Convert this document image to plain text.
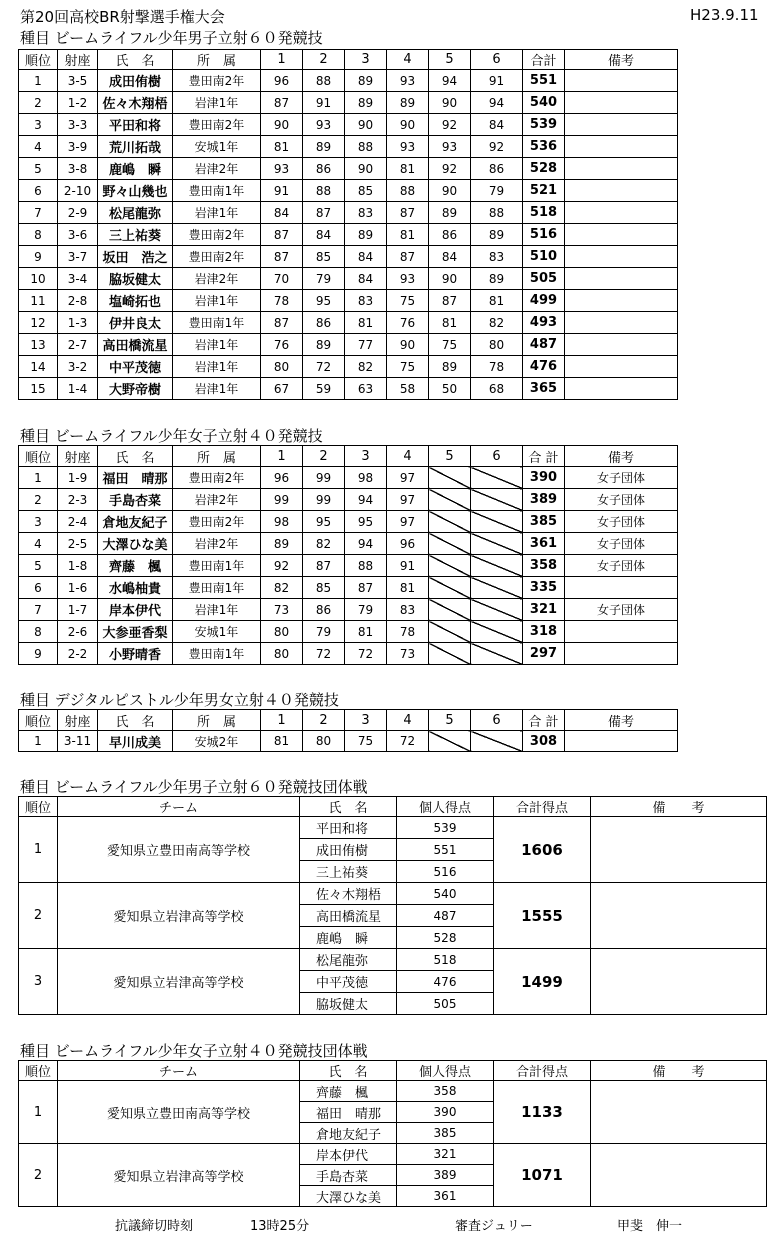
第20回高校BR射撃選手権大会	H23.9.11
種目 ビームライフル少年男子立射６０発競技
順位	射座	氏　名	所　属	1	2	3	4	5	6	合計	備考
1	3-5	成田侑樹	豊田南2年	96	88	89	93	94	91	551	
2	1-2	佐々木翔梧	岩津1年	87	91	89	89	90	94	540	
3	3-3	平田和将	豊田南2年	90	93	90	90	92	84	539	
4	3-9	荒川拓哉	安城1年	81	89	88	93	93	92	536	
5	3-8	鹿嶋　瞬	岩津2年	93	86	90	81	92	86	528	
6	2-10	野々山幾也	豊田南1年	91	88	85	88	90	79	521	
7	2-9	松尾龍弥	岩津1年	84	87	83	87	89	88	518	
8	3-6	三上祐葵	豊田南2年	87	84	89	81	86	89	516	
9	3-7	坂田　浩之	豊田南2年	87	85	84	87	84	83	510	
10	3-4	脇坂健太	岩津2年	70	79	84	93	90	89	505	
11	2-8	塩崎拓也	岩津1年	78	95	83	75	87	81	499	
12	1-3	伊井良太	豊田南1年	87	86	81	76	81	82	493	
13	2-7	高田橋流星	岩津1年	76	89	77	90	75	80	487	
14	3-2	中平茂徳	岩津1年	80	72	82	75	89	78	476	
15	1-4	大野帝樹	岩津1年	67	59	63	58	50	68	365	
種目 ビームライフル少年女子立射４０発競技
順位	射座	氏　名	所　属	1	2	3	4	5	6	合 計	備考
1	1-9	福田　晴那	豊田南2年	96	99	98	97			390	女子団体
2	2-3	手島杏菜	岩津2年	99	99	94	97			389	女子団体
3	2-4	倉地友紀子	豊田南2年	98	95	95	97			385	女子団体
4	2-5	大澤ひな美	岩津2年	89	82	94	96			361	女子団体
5	1-8	齊藤　楓	豊田南1年	92	87	88	91			358	女子団体
6	1-6	水嶋柚貴	豊田南1年	82	85	87	81			335	
7	1-7	岸本伊代	岩津1年	73	86	79	83			321	女子団体
8	2-6	大参亜香梨	安城1年	80	79	81	78			318	
9	2-2	小野晴香	豊田南1年	80	72	72	73			297	
種目 デジタルピストル少年男女立射４０発競技
順位	射座	氏　名	所　属	1	2	3	4	5	6	合 計	備考
1	3-11	早川成美	安城2年	81	80	75	72			308	
種目 ビームライフル少年男子立射６０発競技団体戦
順位	チーム	氏　名	個人得点	合計得点	備　　考
1	愛知県立豊田南高等学校	平田和将	539	1606	
		成田侑樹	551		
		三上祐葵	516		
2	愛知県立岩津高等学校	佐々木翔梧	540	1555	
		高田橋流星	487		
		鹿嶋　瞬	528		
3	愛知県立岩津高等学校	松尾龍弥	518	1499	
		中平茂徳	476		
		脇坂健太	505		
種目 ビームライフル少年女子立射４０発競技団体戦
順位	チーム	氏　名	個人得点	合計得点	備　　考
1	愛知県立豊田南高等学校	齊藤　楓	358	1133	
		福田　晴那	390		
		倉地友紀子	385		
2	愛知県立岩津高等学校	岸本伊代	321	1071	
		手島杏菜	389		
		大澤ひな美	361		
抗議締切時刻	13時25分	審査ジュリー	甲斐　伸一
